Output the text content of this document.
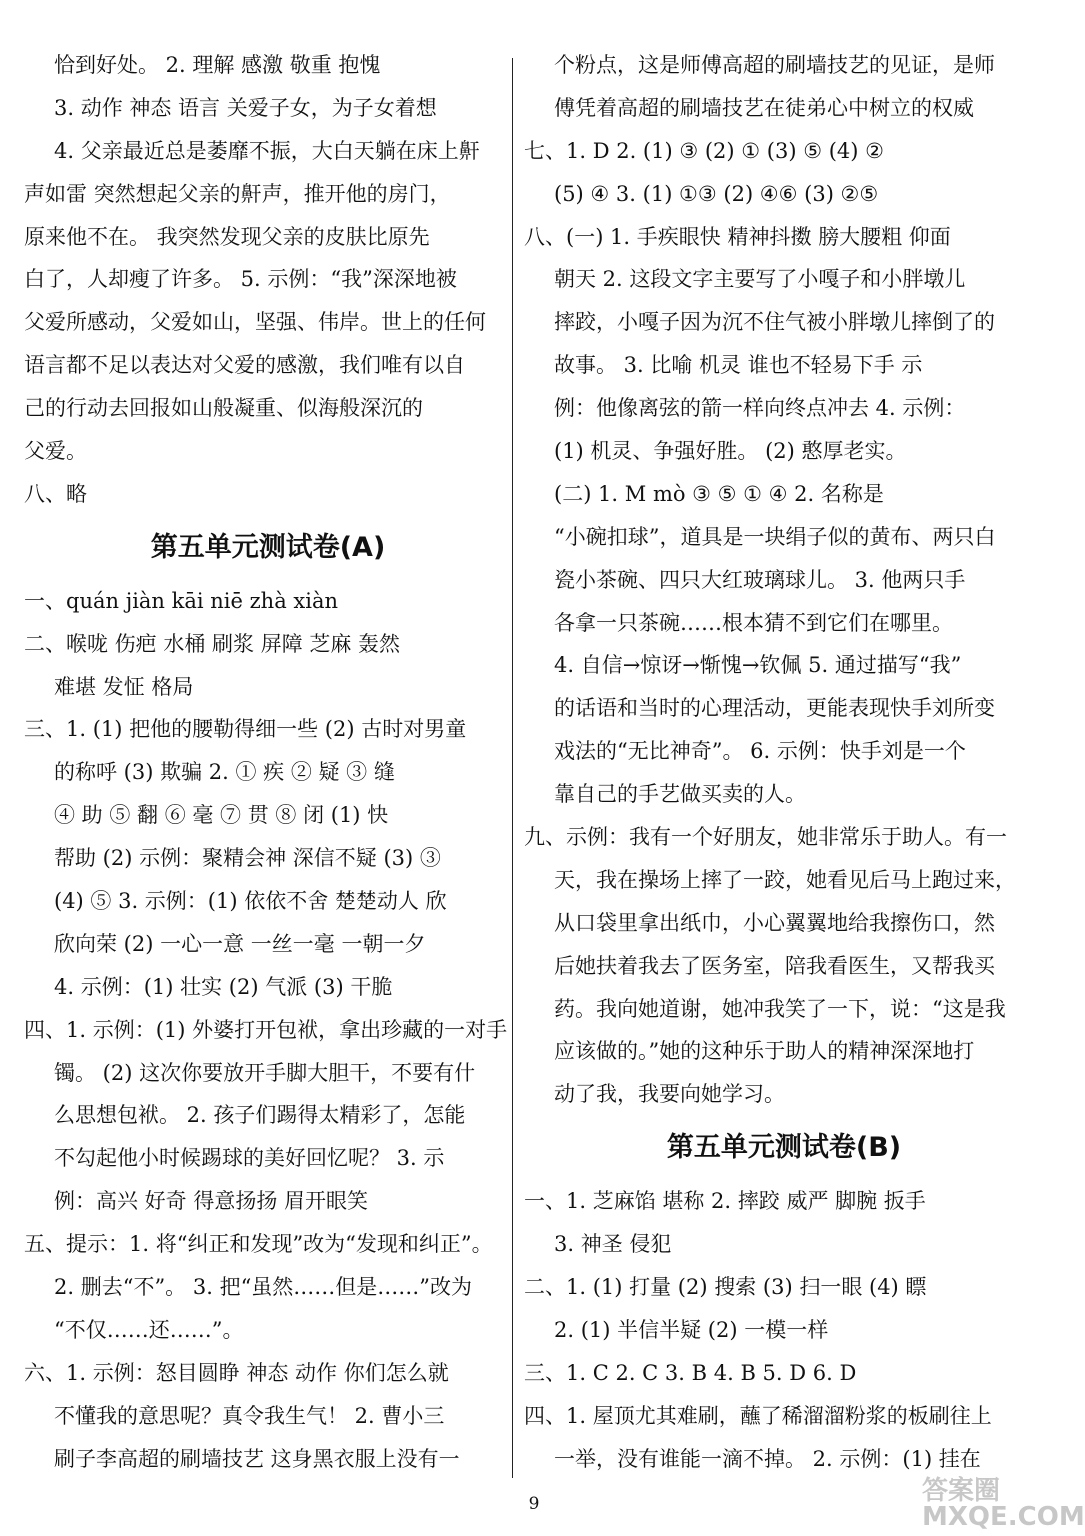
恰到好处。 2. 理解 感激 敬重 抱愧
3. 动作 神态 语言 关爱子女，为子女着想
4. 父亲最近总是萎靡不振，大白天躺在床上鼾
声如雷 突然想起父亲的鼾声，推开他的房门，
原来他不在。 我突然发现父亲的皮肤比原先
白了，人却瘦了许多。 5. 示例：“我”深深地被
父爱所感动，父爱如山，坚强、伟岸。世上的任何
语言都不足以表达对父爱的感激，我们唯有以自
己的行动去回报如山般凝重、似海般深沉的
父爱。
八、略
第五单元测试卷(A)
一、quán jiàn kāi niē zhà xiàn
二、喉咙 伤疤 水桶 刷浆 屏障 芝麻 轰然
难堪 发怔 格局
三、1. (1) 把他的腰勒得细一些 (2) 古时对男童
的称呼 (3) 欺骗 2. ① 疾 ② 疑 ③ 缝
④ 助 ⑤ 翻 ⑥ 毫 ⑦ 贯 ⑧ 闭 (1) 快
帮助 (2) 示例：聚精会神 深信不疑 (3) ③
(4) ⑤ 3. 示例：(1) 依依不舍 楚楚动人 欣
欣向荣 (2) 一心一意 一丝一毫 一朝一夕
4. 示例：(1) 壮实 (2) 气派 (3) 干脆
四、1. 示例：(1) 外婆打开包袱，拿出珍藏的一对手
镯。 (2) 这次你要放开手脚大胆干，不要有什
么思想包袱。 2. 孩子们踢得太精彩了，怎能
不勾起他小时候踢球的美好回忆呢？ 3. 示
例：高兴 好奇 得意扬扬 眉开眼笑
五、提示：1. 将“纠正和发现”改为“发现和纠正”。
2. 删去“不”。 3. 把“虽然……但是……”改为
“不仅……还……”。
六、1. 示例：怒目圆睁 神态 动作 你们怎么就
不懂我的意思呢？真令我生气！ 2. 曹小三
刷子李高超的刷墙技艺 这身黑衣服上没有一
个粉点，这是师傅高超的刷墙技艺的见证，是师
傅凭着高超的刷墙技艺在徒弟心中树立的权威
七、1. D 2. (1) ③ (2) ① (3) ⑤ (4) ②
(5) ④ 3. (1) ①③ (2) ④⑥ (3) ②⑤
八、(一) 1. 手疾眼快 精神抖擞 膀大腰粗 仰面
朝天 2. 这段文字主要写了小嘎子和小胖墩儿
摔跤，小嘎子因为沉不住气被小胖墩儿摔倒了的
故事。 3. 比喻 机灵 谁也不轻易下手 示
例：他像离弦的箭一样向终点冲去 4. 示例：
(1) 机灵、争强好胜。 (2) 憨厚老实。
(二) 1. M mò ③ ⑤ ① ④ 2. 名称是
“小碗扣球”，道具是一块绢子似的黄布、两只白
瓷小茶碗、四只大红玻璃球儿。 3. 他两只手
各拿一只茶碗……根本猜不到它们在哪里。
4. 自信→惊讶→惭愧→钦佩 5. 通过描写“我”
的话语和当时的心理活动，更能表现快手刘所变
戏法的“无比神奇”。 6. 示例：快手刘是一个
靠自己的手艺做买卖的人。
九、示例：我有一个好朋友，她非常乐于助人。有一
天，我在操场上摔了一跤，她看见后马上跑过来，
从口袋里拿出纸巾，小心翼翼地给我擦伤口，然
后她扶着我去了医务室，陪我看医生，又帮我买
药。我向她道谢，她冲我笑了一下，说：“这是我
应该做的。”她的这种乐于助人的精神深深地打
动了我，我要向她学习。
第五单元测试卷(B)
一、1. 芝麻馅 堪称 2. 摔跤 威严 脚腕 扳手
3. 神圣 侵犯
二、1. (1) 打量 (2) 搜索 (3) 扫一眼 (4) 瞟
2. (1) 半信半疑 (2) 一模一样
三、1. C 2. C 3. B 4. B 5. D 6. D
四、1. 屋顶尤其难刷，蘸了稀溜溜粉浆的板刷往上
一举，没有谁能一滴不掉。 2. 示例：(1) 挂在
9	答案圈
MXQE.COM
